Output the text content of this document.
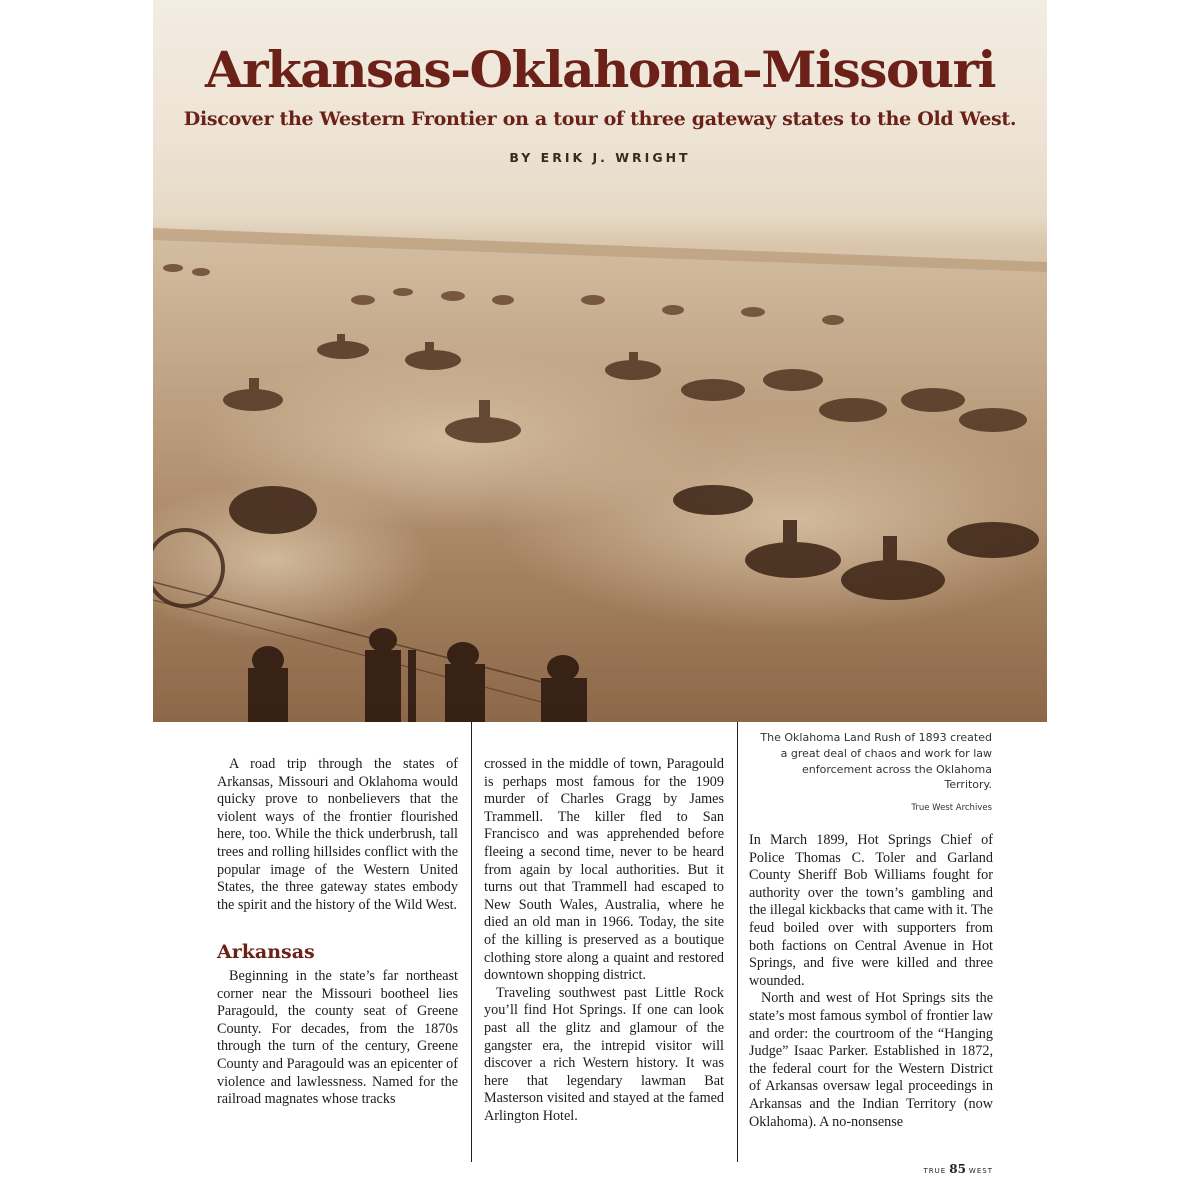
Arkansas-Oklahoma-Missouri

Discover the Western Frontier on a tour of three gateway states to the Old West.

BY ERIK J. WRIGHT

The Oklahoma Land Rush of 1893 created a great deal of chaos and work for law enforcement across the Oklahoma Territory.
True West Archives

A road trip through the states of Arkansas, Missouri and Oklahoma would quicky prove to nonbelievers that the violent ways of the frontier flourished here, too. While the thick underbrush, tall trees and rolling hillsides conflict with the popular image of the Western United States, the three gateway states embody the spirit and the history of the Wild West.

Arkansas

Beginning in the state’s far northeast corner near the Missouri bootheel lies Paragould, the county seat of Greene County. For decades, from the 1870s through the turn of the century, Greene County and Paragould was an epicenter of violence and lawlessness. Named for the railroad magnates whose tracks

crossed in the middle of town, Paragould is perhaps most famous for the 1909 murder of Charles Gragg by James Trammell. The killer fled to San Francisco and was apprehended before fleeing a second time, never to be heard from again by local authorities. But it turns out that Trammell had escaped to New South Wales, Australia, where he died an old man in 1966. Today, the site of the killing is preserved as a boutique clothing store along a quaint and restored downtown shopping district.

Traveling southwest past Little Rock you’ll find Hot Springs. If one can look past all the glitz and glamour of the gangster era, the intrepid visitor will discover a rich Western history. It was here that legendary lawman Bat Masterson visited and stayed at the famed Arlington Hotel.

In March 1899, Hot Springs Chief of Police Thomas C. Toler and Garland County Sheriff Bob Williams fought for authority over the town’s gambling and the illegal kickbacks that came with it. The feud boiled over with supporters from both factions on Central Avenue in Hot Springs, and five were killed and three wounded.

North and west of Hot Springs sits the state’s most famous symbol of frontier law and order: the courtroom of the “Hanging Judge” Isaac Parker. Established in 1872, the federal court for the Western District of Arkansas oversaw legal proceedings in Arkansas and the Indian Territory (now Oklahoma). A no-nonsense

TRUE 85 WEST
